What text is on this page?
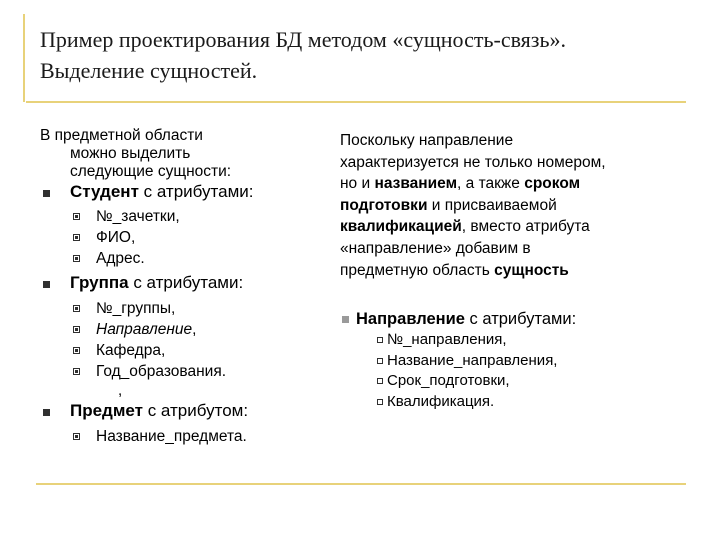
Пример проектирования БД методом «сущность-связь».
Выделение сущностей.
В предметной области
можно выделить
следующие сущности:
Студент с атрибутами:
№_зачетки,
ФИО,
Адрес.
Группа с атрибутами:
№_группы,
Направление,
Кафедра,
Год_образования.
,
Предмет с атрибутом:
Название_предмета.
Поскольку направление
характеризуется не только номером,
но и названием, а также сроком
подготовки и присваиваемой
квалификацией, вместо атрибута
«направление» добавим в
предметную область сущность
Направление с атрибутами:
№_направления,
Название_направления,
Срок_подготовки,
Квалификация.
